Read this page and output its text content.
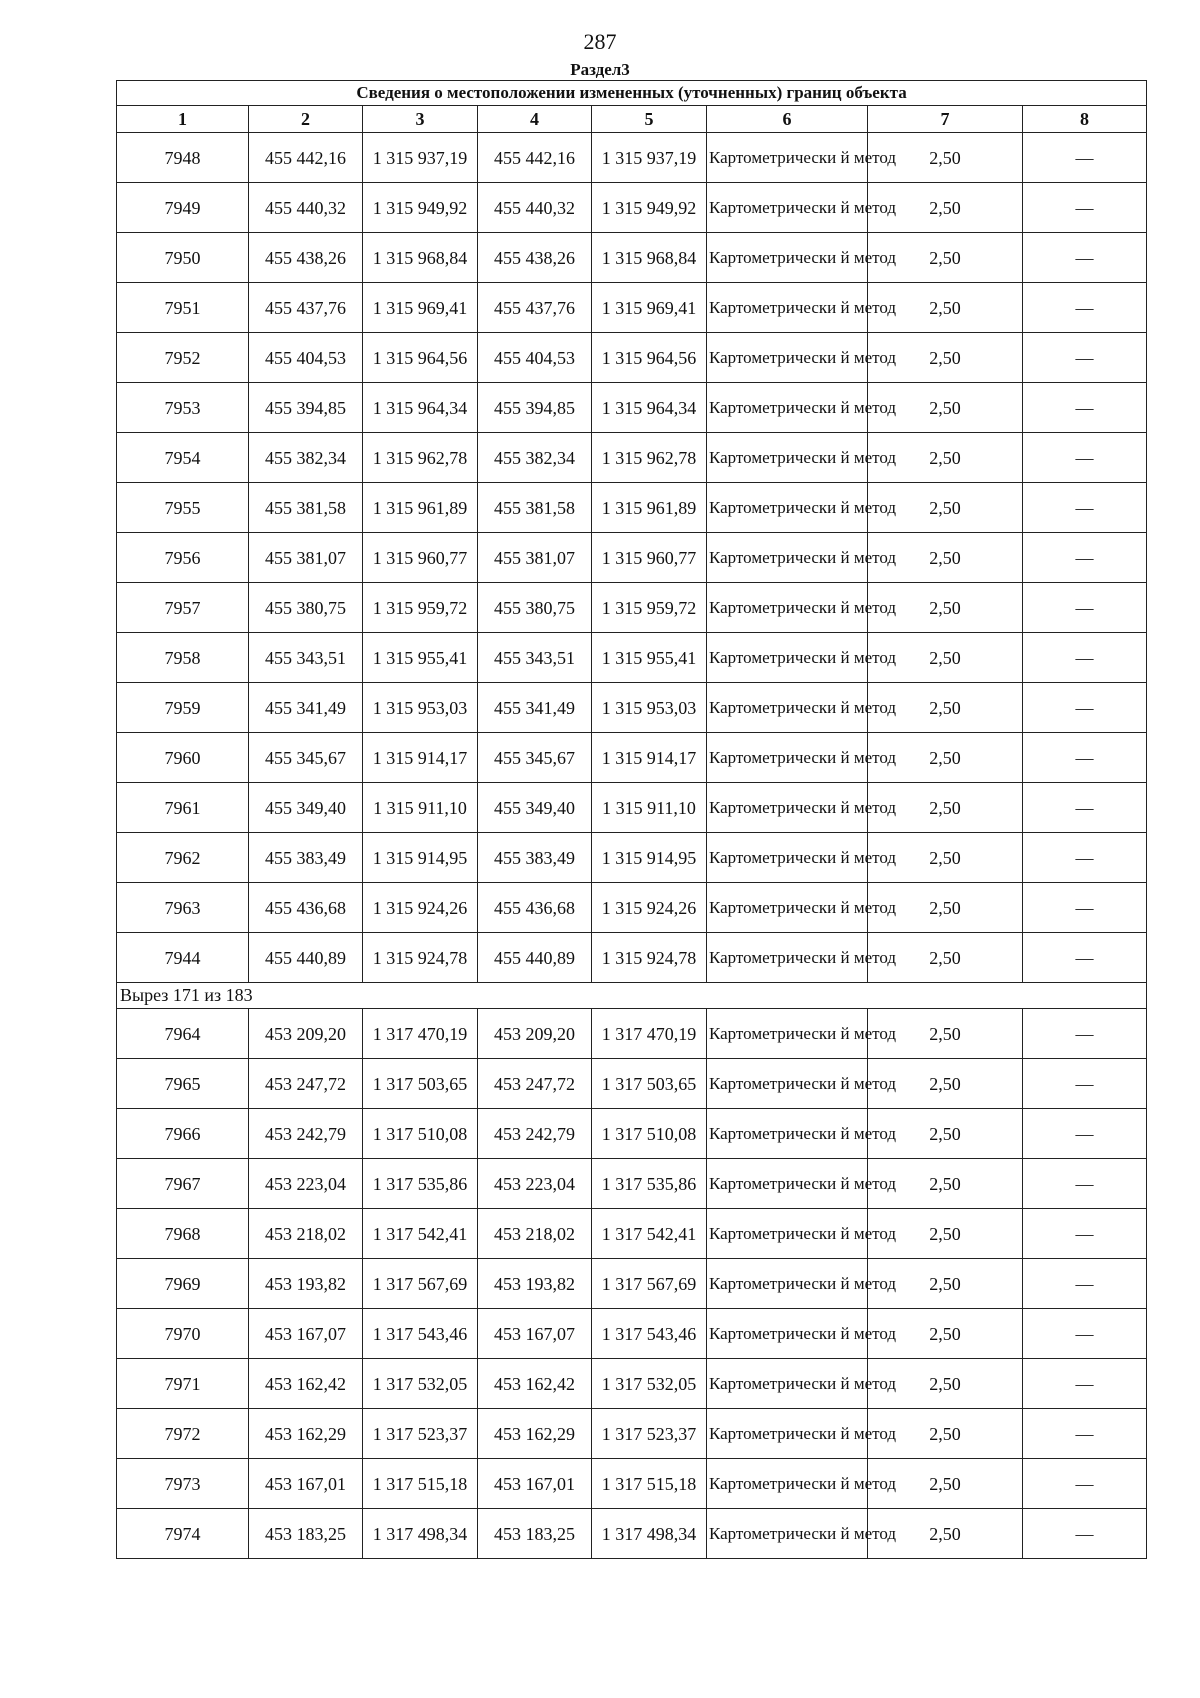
287
Раздел3
Сведения о местоположении измененных (уточненных) границ объекта							
1	2	3	4	5	6	7	8
7948	455 442,16	1 315 937,19	455 442,16	1 315 937,19	Картометрически й метод	2,50	—
7949	455 440,32	1 315 949,92	455 440,32	1 315 949,92	Картометрически й метод	2,50	—
7950	455 438,26	1 315 968,84	455 438,26	1 315 968,84	Картометрически й метод	2,50	—
7951	455 437,76	1 315 969,41	455 437,76	1 315 969,41	Картометрически й метод	2,50	—
7952	455 404,53	1 315 964,56	455 404,53	1 315 964,56	Картометрически й метод	2,50	—
7953	455 394,85	1 315 964,34	455 394,85	1 315 964,34	Картометрически й метод	2,50	—
7954	455 382,34	1 315 962,78	455 382,34	1 315 962,78	Картометрически й метод	2,50	—
7955	455 381,58	1 315 961,89	455 381,58	1 315 961,89	Картометрически й метод	2,50	—
7956	455 381,07	1 315 960,77	455 381,07	1 315 960,77	Картометрически й метод	2,50	—
7957	455 380,75	1 315 959,72	455 380,75	1 315 959,72	Картометрически й метод	2,50	—
7958	455 343,51	1 315 955,41	455 343,51	1 315 955,41	Картометрически й метод	2,50	—
7959	455 341,49	1 315 953,03	455 341,49	1 315 953,03	Картометрически й метод	2,50	—
7960	455 345,67	1 315 914,17	455 345,67	1 315 914,17	Картометрически й метод	2,50	—
7961	455 349,40	1 315 911,10	455 349,40	1 315 911,10	Картометрически й метод	2,50	—
7962	455 383,49	1 315 914,95	455 383,49	1 315 914,95	Картометрически й метод	2,50	—
7963	455 436,68	1 315 924,26	455 436,68	1 315 924,26	Картометрически й метод	2,50	—
7944	455 440,89	1 315 924,78	455 440,89	1 315 924,78	Картометрически й метод	2,50	—
Вырез 171 из 183							
7964	453 209,20	1 317 470,19	453 209,20	1 317 470,19	Картометрически й метод	2,50	—
7965	453 247,72	1 317 503,65	453 247,72	1 317 503,65	Картометрически й метод	2,50	—
7966	453 242,79	1 317 510,08	453 242,79	1 317 510,08	Картометрически й метод	2,50	—
7967	453 223,04	1 317 535,86	453 223,04	1 317 535,86	Картометрически й метод	2,50	—
7968	453 218,02	1 317 542,41	453 218,02	1 317 542,41	Картометрически й метод	2,50	—
7969	453 193,82	1 317 567,69	453 193,82	1 317 567,69	Картометрически й метод	2,50	—
7970	453 167,07	1 317 543,46	453 167,07	1 317 543,46	Картометрически й метод	2,50	—
7971	453 162,42	1 317 532,05	453 162,42	1 317 532,05	Картометрически й метод	2,50	—
7972	453 162,29	1 317 523,37	453 162,29	1 317 523,37	Картометрически й метод	2,50	—
7973	453 167,01	1 317 515,18	453 167,01	1 317 515,18	Картометрически й метод	2,50	—
7974	453 183,25	1 317 498,34	453 183,25	1 317 498,34	Картометрически й метод	2,50	—
